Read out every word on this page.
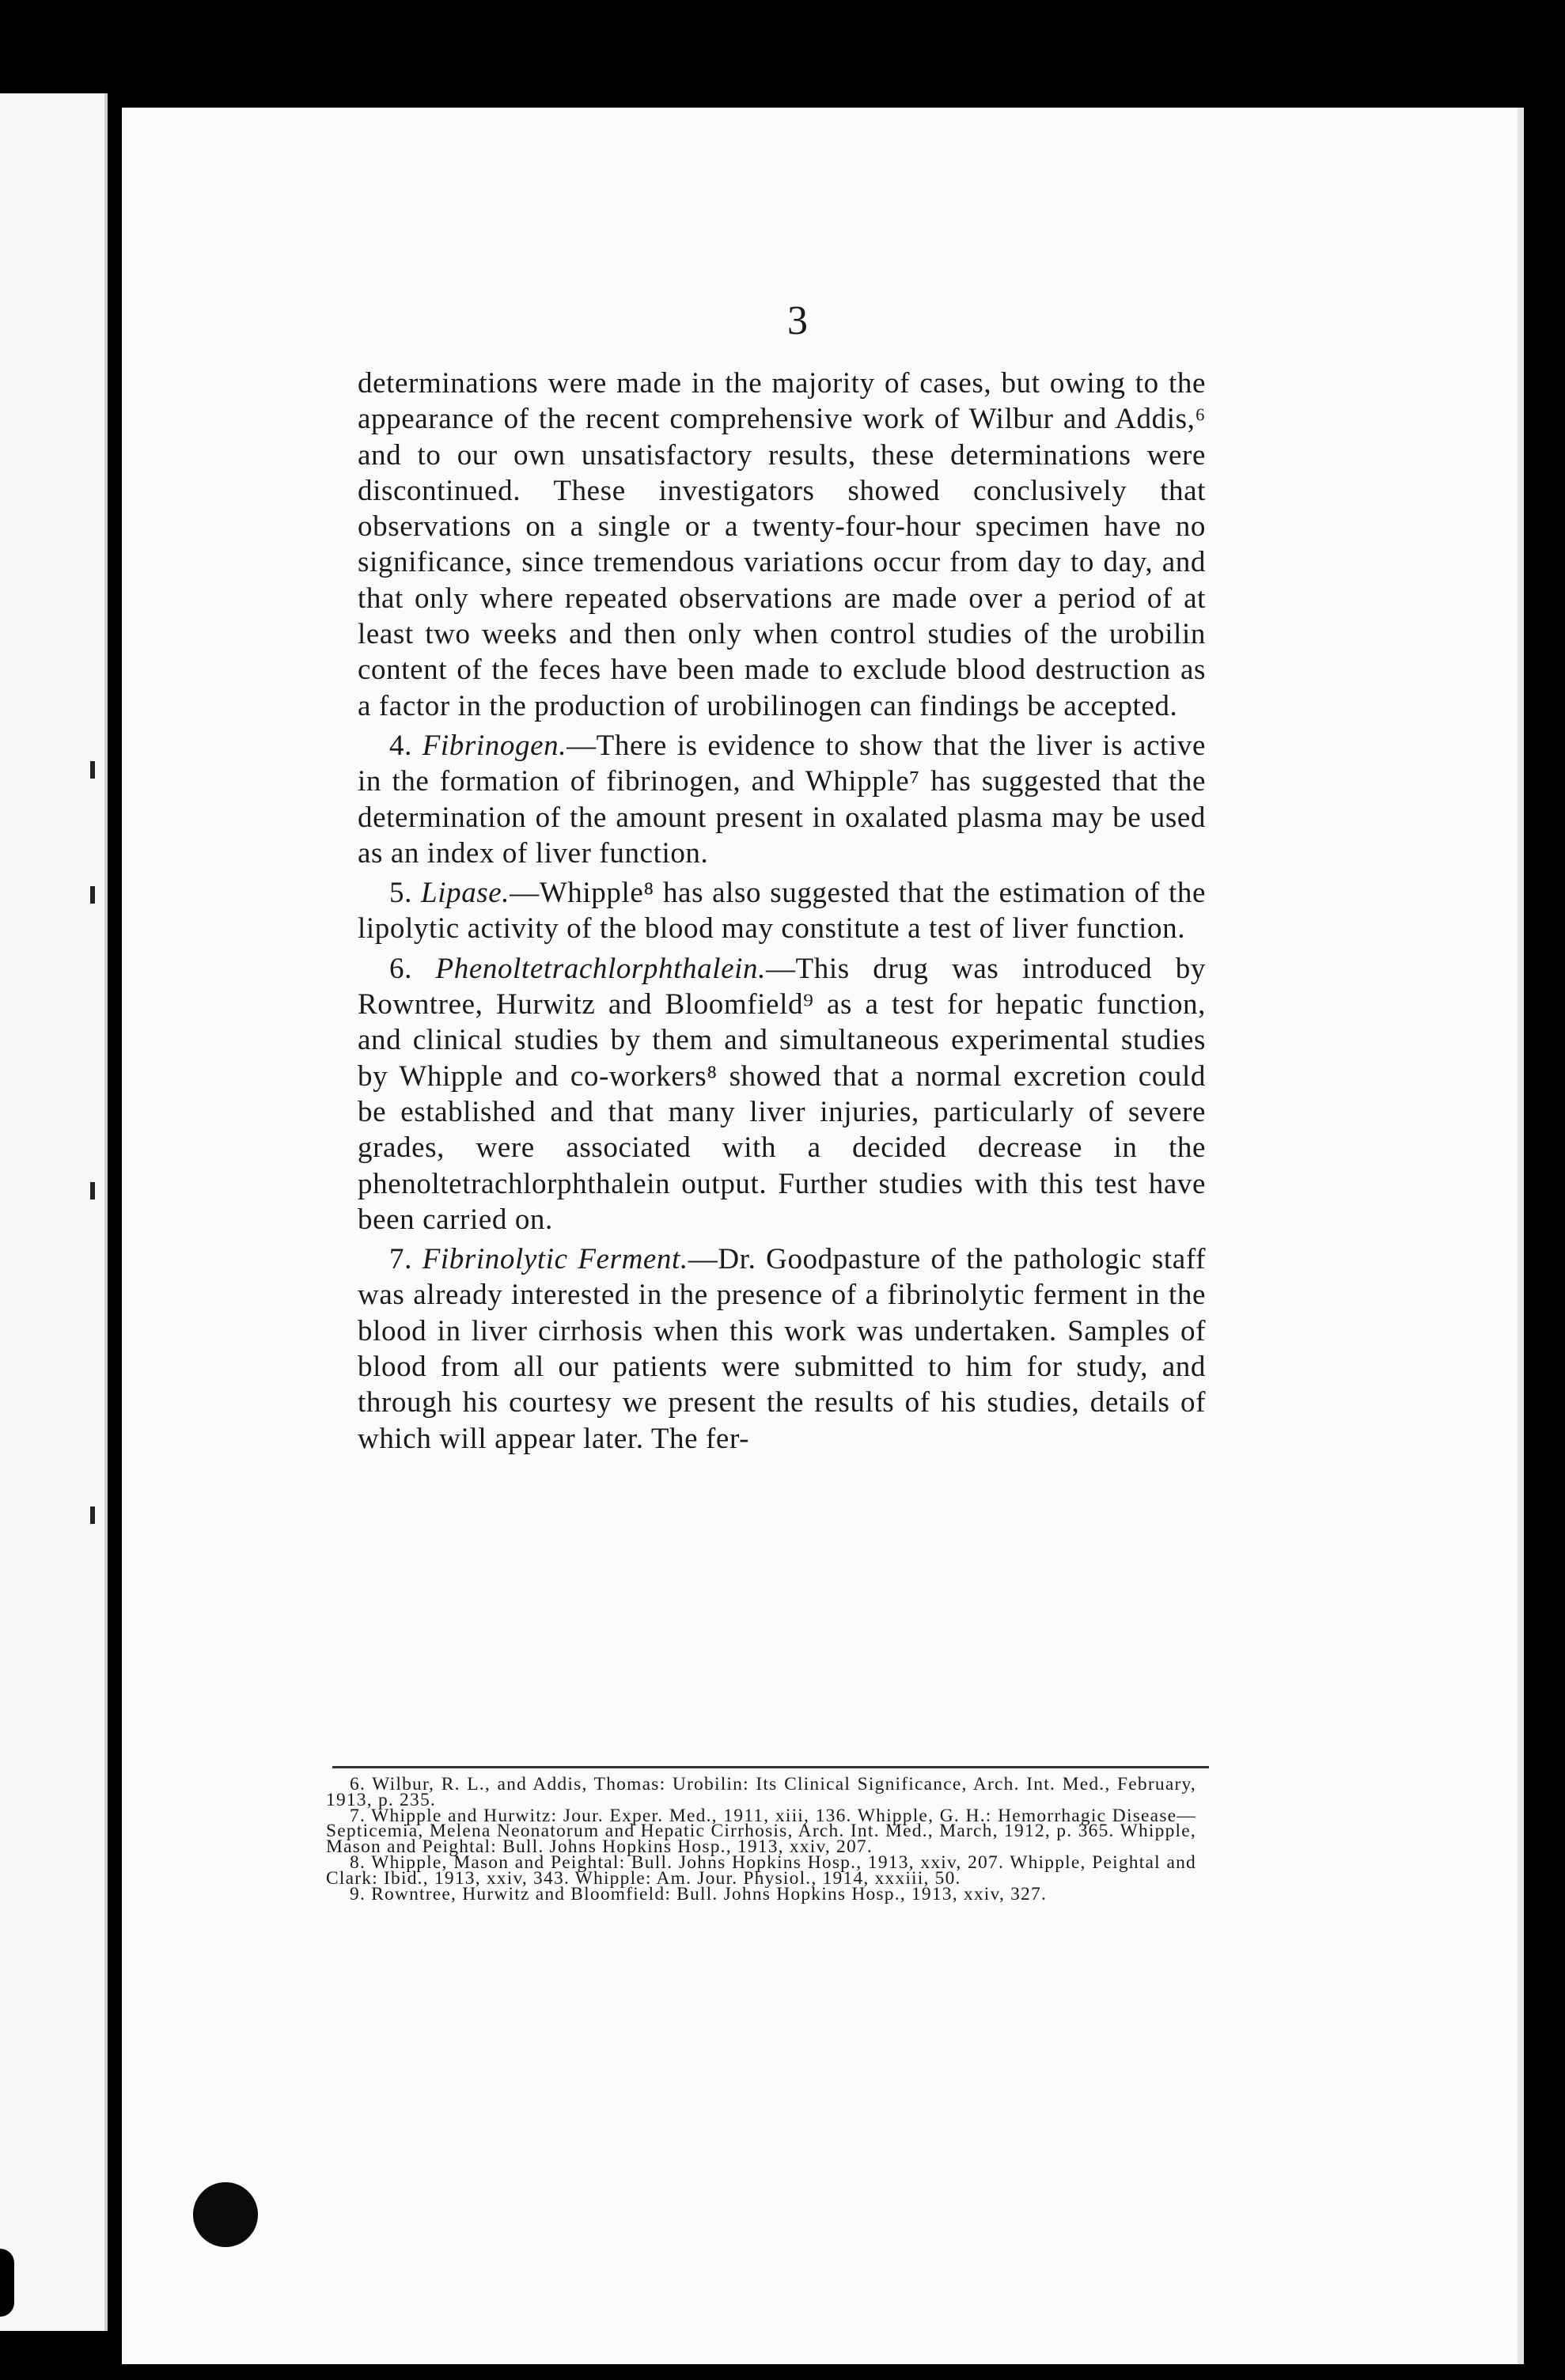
3

determinations were made in the majority of cases, but owing to the appearance of the recent comprehensive work of Wilbur and Addis,⁶ and to our own unsatisfactory results, these determinations were discontinued. These investigators showed conclusively that observations on a single or a twenty-four-hour specimen have no significance, since tremendous variations occur from day to day, and that only where repeated observations are made over a period of at least two weeks and then only when control studies of the urobilin content of the feces have been made to exclude blood destruction as a factor in the production of urobilinogen can findings be accepted.

4. Fibrinogen.—There is evidence to show that the liver is active in the formation of fibrinogen, and Whipple⁷ has suggested that the determination of the amount present in oxalated plasma may be used as an index of liver function.

5. Lipase.—Whipple⁸ has also suggested that the estimation of the lipolytic activity of the blood may constitute a test of liver function.

6. Phenoltetrachlorphthalein.—This drug was introduced by Rowntree, Hurwitz and Bloomfield⁹ as a test for hepatic function, and clinical studies by them and simultaneous experimental studies by Whipple and co-workers⁸ showed that a normal excretion could be established and that many liver injuries, particularly of severe grades, were associated with a decided decrease in the phenoltetrachlorphthalein output. Further studies with this test have been carried on.

7. Fibrinolytic Ferment.—Dr. Goodpasture of the pathologic staff was already interested in the presence of a fibrinolytic ferment in the blood in liver cirrhosis when this work was undertaken. Samples of blood from all our patients were submitted to him for study, and through his courtesy we present the results of his studies, details of which will appear later. The fer-

6. Wilbur, R. L., and Addis, Thomas: Urobilin: Its Clinical Significance, Arch. Int. Med., February, 1913, p. 235.

7. Whipple and Hurwitz: Jour. Exper. Med., 1911, xiii, 136. Whipple, G. H.: Hemorrhagic Disease—Septicemia, Melena Neonatorum and Hepatic Cirrhosis, Arch. Int. Med., March, 1912, p. 365. Whipple, Mason and Peightal: Bull. Johns Hopkins Hosp., 1913, xxiv, 207.

8. Whipple, Mason and Peightal: Bull. Johns Hopkins Hosp., 1913, xxiv, 207. Whipple, Peightal and Clark: Ibid., 1913, xxiv, 343. Whipple: Am. Jour. Physiol., 1914, xxxiii, 50.

9. Rowntree, Hurwitz and Bloomfield: Bull. Johns Hopkins Hosp., 1913, xxiv, 327.
